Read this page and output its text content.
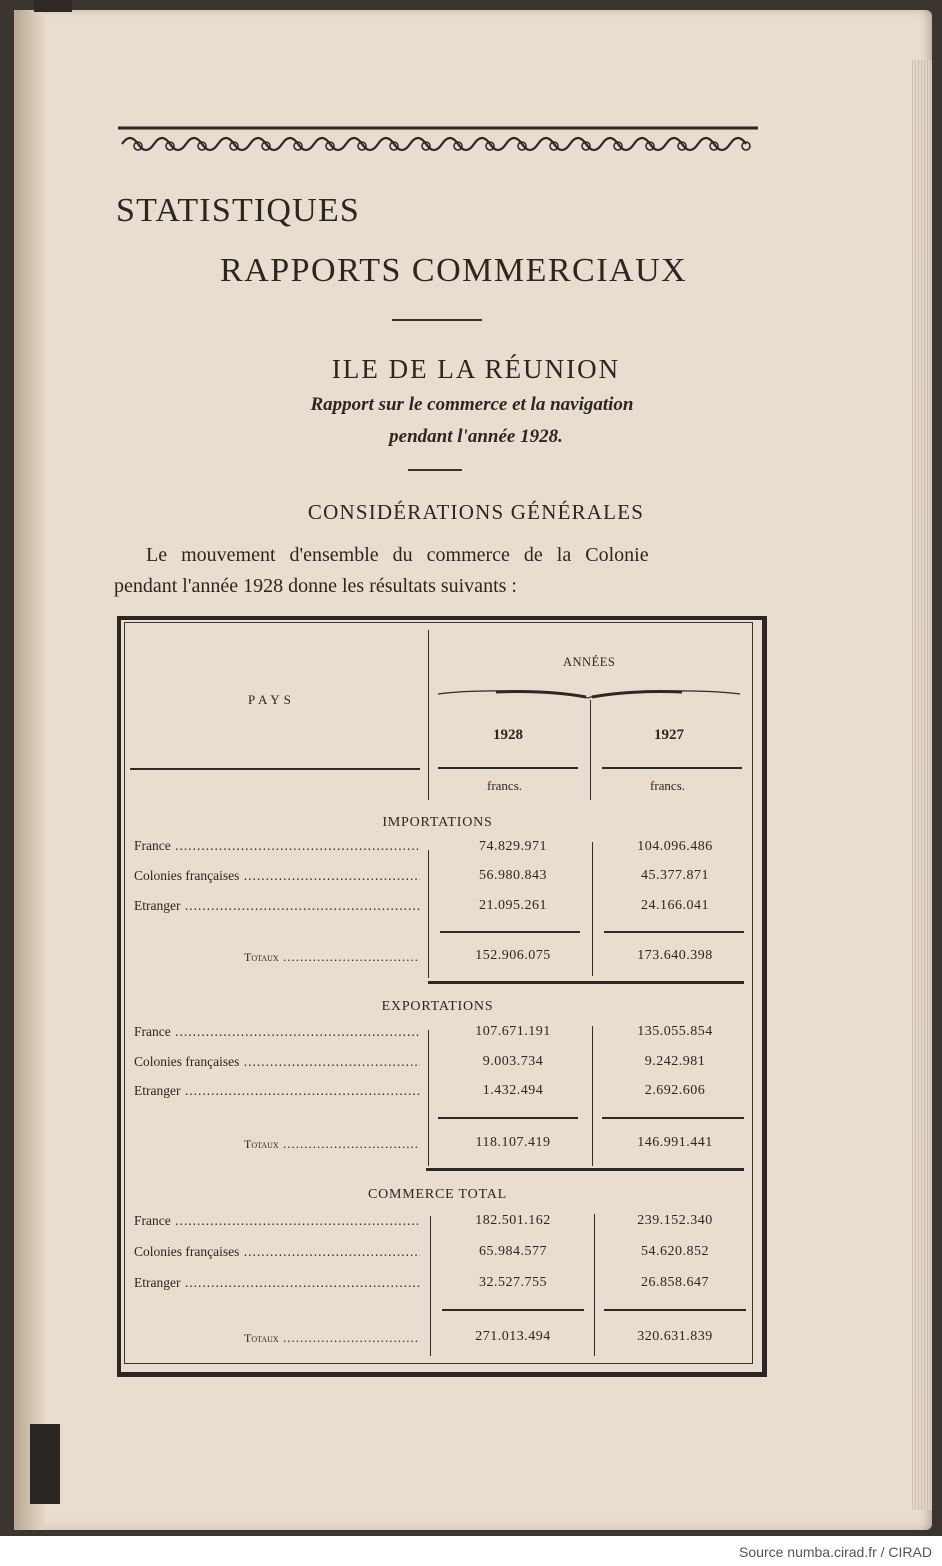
STATISTIQUES
RAPPORTS COMMERCIAUX
ILE DE LA RÉUNION
Rapport sur le commerce et la navigation
pendant l'année 1928.
CONSIDÉRATIONS GÉNÉRALES
Le mouvement d'ensemble du commerce de la Colonie
pendant l'année 1928 donne les résultats suivants :
PAYS
ANNÉES
1928	1927
francs.	francs.
IMPORTATIONS
France .....	74.829.971	104.096.486
Colonies françaises .....	56.980.843	45.377.871
Etranger .....	21.095.261	24.166.041
Totaux .....	152.906.075	173.640.398
EXPORTATIONS
France .....	107.671.191	135.055.854
Colonies françaises .....	9.003.734	9.242.981
Etranger .....	1.432.494	2.692.606
Totaux .....	118.107.419	146.991.441
COMMERCE TOTAL
France .....	182.501.162	239.152.340
Colonies françaises .....	65.984.577	54.620.852
Etranger .....	32.527.755	26.858.647
Totaux .....	271.013.494	320.631.839
Source numba.cirad.fr / CIRAD
